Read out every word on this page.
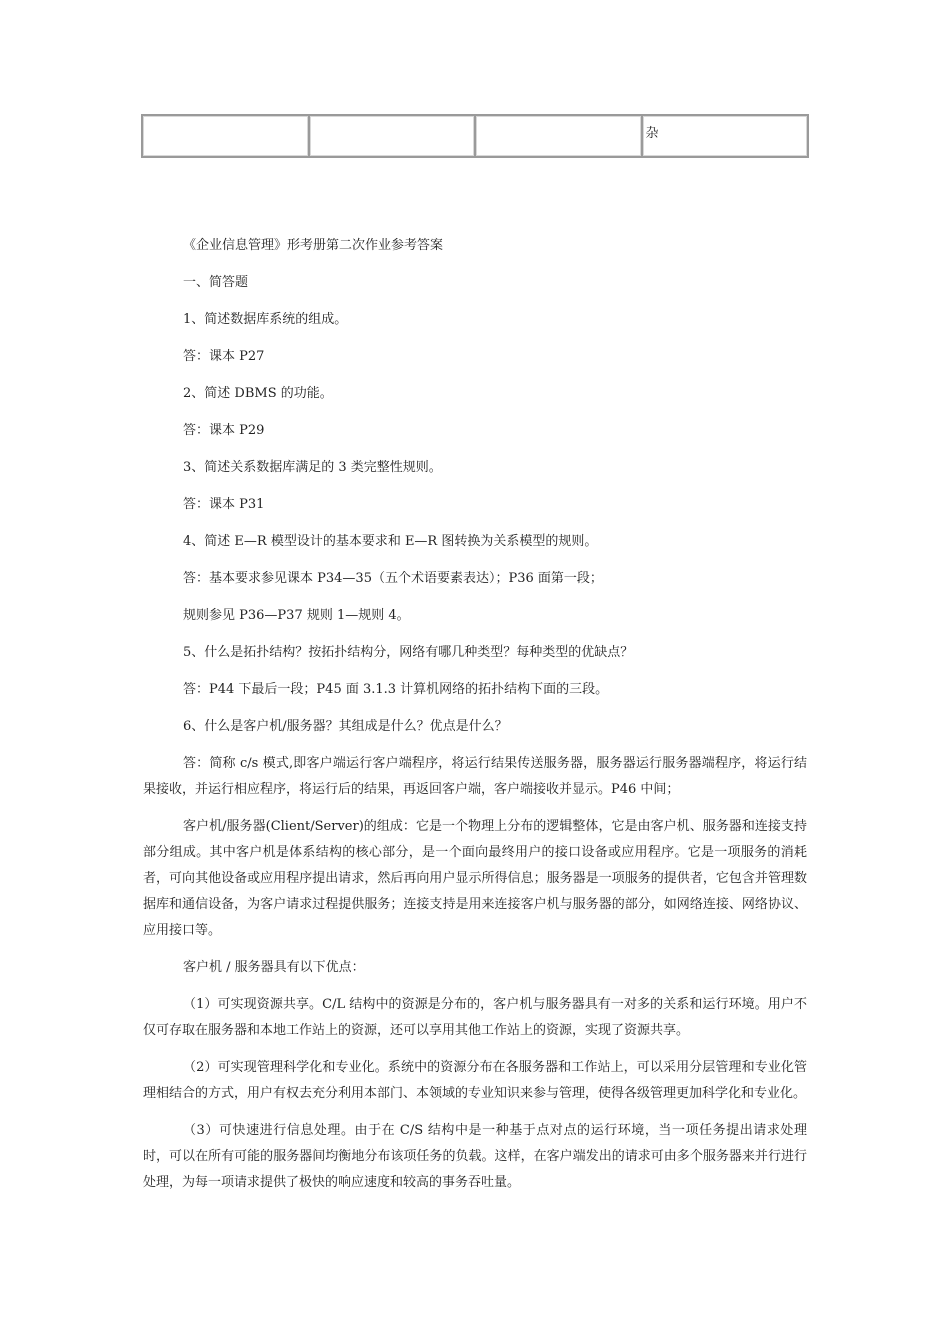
			杂
《企业信息管理》形考册第二次作业参考答案
一、简答题
1、简述数据库系统的组成。
答：课本 P27
2、简述 DBMS 的功能。
答：课本 P29
3、简述关系数据库满足的 3 类完整性规则。
答：课本 P31
4、简述 E—R 模型设计的基本要求和 E—R 图转换为关系模型的规则。
答：基本要求参见课本 P34—35（五个术语要素表达）；P36 面第一段；
规则参见 P36—P37 规则 1—规则 4。
5、什么是拓扑结构？按拓扑结构分，网络有哪几种类型？每种类型的优缺点？
答：P44 下最后一段；P45 面 3.1.3 计算机网络的拓扑结构下面的三段。
6、什么是客户机/服务器？其组成是什么？优点是什么？
答：简称 c/s 模式,即客户端运行客户端程序，将运行结果传送服务器，服务器运行服务器端程序，将运行结果接收，并运行相应程序，将运行后的结果，再返回客户端，客户端接收并显示。P46 中间；
客户机/服务器(Client/Server)的组成：它是一个物理上分布的逻辑整体，它是由客户机、服务器和连接支持部分组成。其中客户机是体系结构的核心部分，是一个面向最终用户的接口设备或应用程序。它是一项服务的消耗者，可向其他设备或应用程序提出请求，然后再向用户显示所得信息；服务器是一项服务的提供者，它包含并管理数据库和通信设备，为客户请求过程提供服务；连接支持是用来连接客户机与服务器的部分，如网络连接、网络协议、应用接口等。
客户机 / 服务器具有以下优点：
（1）可实现资源共享。C/L 结构中的资源是分布的，客户机与服务器具有一对多的关系和运行环境。用户不仅可存取在服务器和本地工作站上的资源，还可以享用其他工作站上的资源，实现了资源共享。
（2）可实现管理科学化和专业化。系统中的资源分布在各服务器和工作站上，可以采用分层管理和专业化管理相结合的方式，用户有权去充分利用本部门、本领域的专业知识来参与管理，使得各级管理更加科学化和专业化。
（3）可快速进行信息处理。由于在 C/S 结构中是一种基于点对点的运行环境，当一项任务提出请求处理时，可以在所有可能的服务器间均衡地分布该项任务的负载。这样，在客户端发出的请求可由多个服务器来并行进行处理，为每一项请求提供了极快的响应速度和较高的事务吞吐量。
